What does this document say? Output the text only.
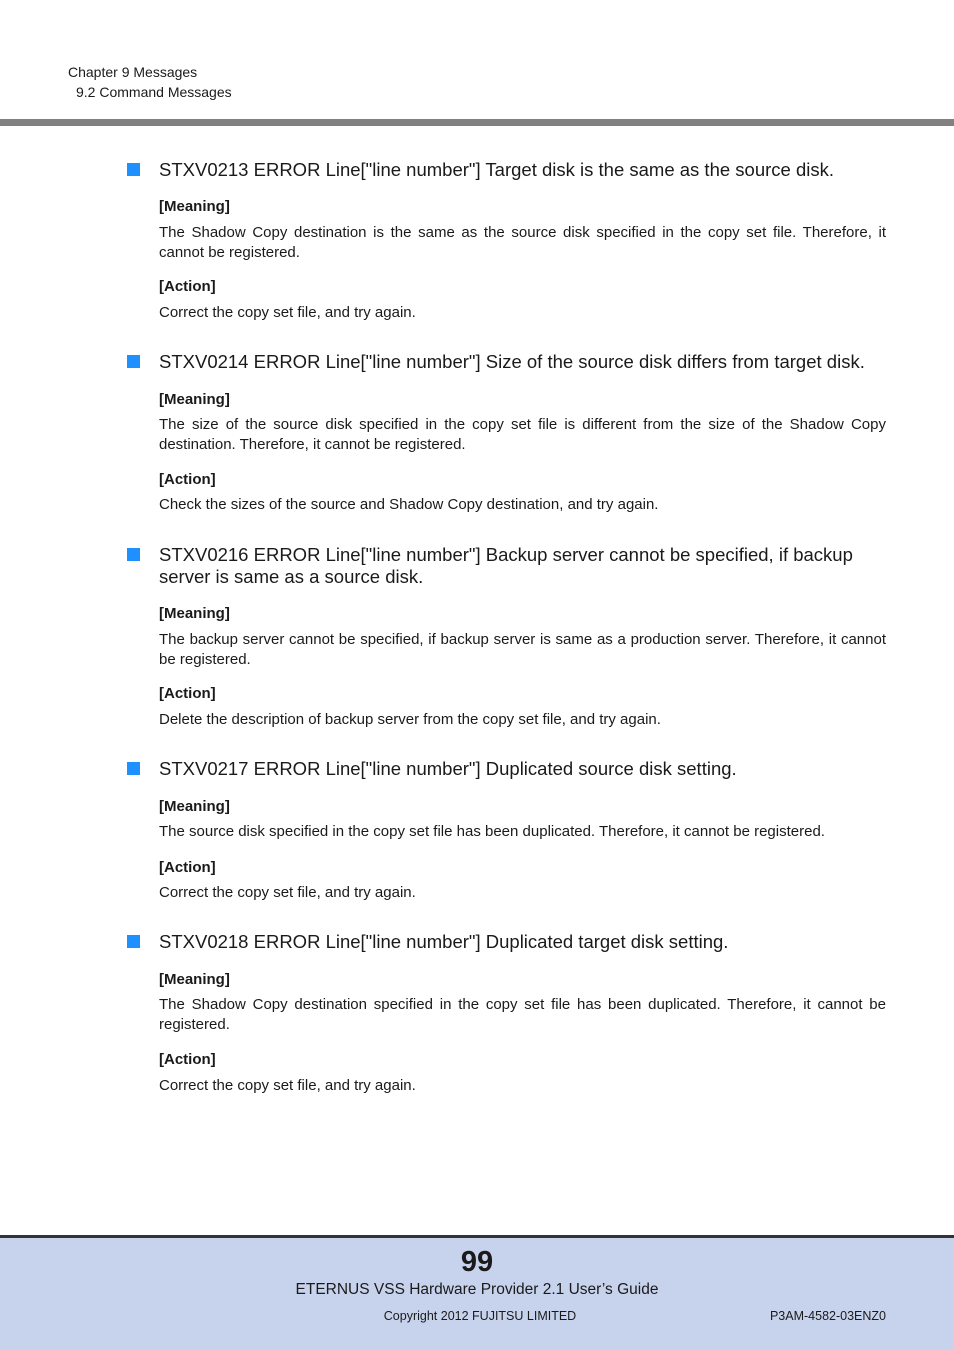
Chapter 9 Messages
9.2 Command Messages
STXV0213 ERROR Line["line number"] Target disk is the same as the source disk.
[Meaning]
The Shadow Copy destination is the same as the source disk specified in the copy set file. Therefore, it cannot be registered.
[Action]
Correct the copy set file, and try again.
STXV0214 ERROR Line["line number"] Size of the source disk differs from target disk.
[Meaning]
The size of the source disk specified in the copy set file is different from the size of the Shadow Copy destination. Therefore, it cannot be registered.
[Action]
Check the sizes of the source and Shadow Copy destination, and try again.
STXV0216 ERROR Line["line number"] Backup server cannot be specified, if backup server is same as a source disk.
[Meaning]
The backup server cannot be specified, if backup server is same as a production server. Therefore, it cannot be registered.
[Action]
Delete the description of backup server from the copy set file, and try again.
STXV0217 ERROR Line["line number"] Duplicated source disk setting.
[Meaning]
The source disk specified in the copy set file has been duplicated. Therefore, it cannot be registered.
[Action]
Correct the copy set file, and try again.
STXV0218 ERROR Line["line number"] Duplicated target disk setting.
[Meaning]
The Shadow Copy destination specified in the copy set file has been duplicated. Therefore, it cannot be registered.
[Action]
Correct the copy set file, and try again.
99
ETERNUS VSS Hardware Provider 2.1 User’s Guide
Copyright 2012 FUJITSU LIMITED	P3AM-4582-03ENZ0
